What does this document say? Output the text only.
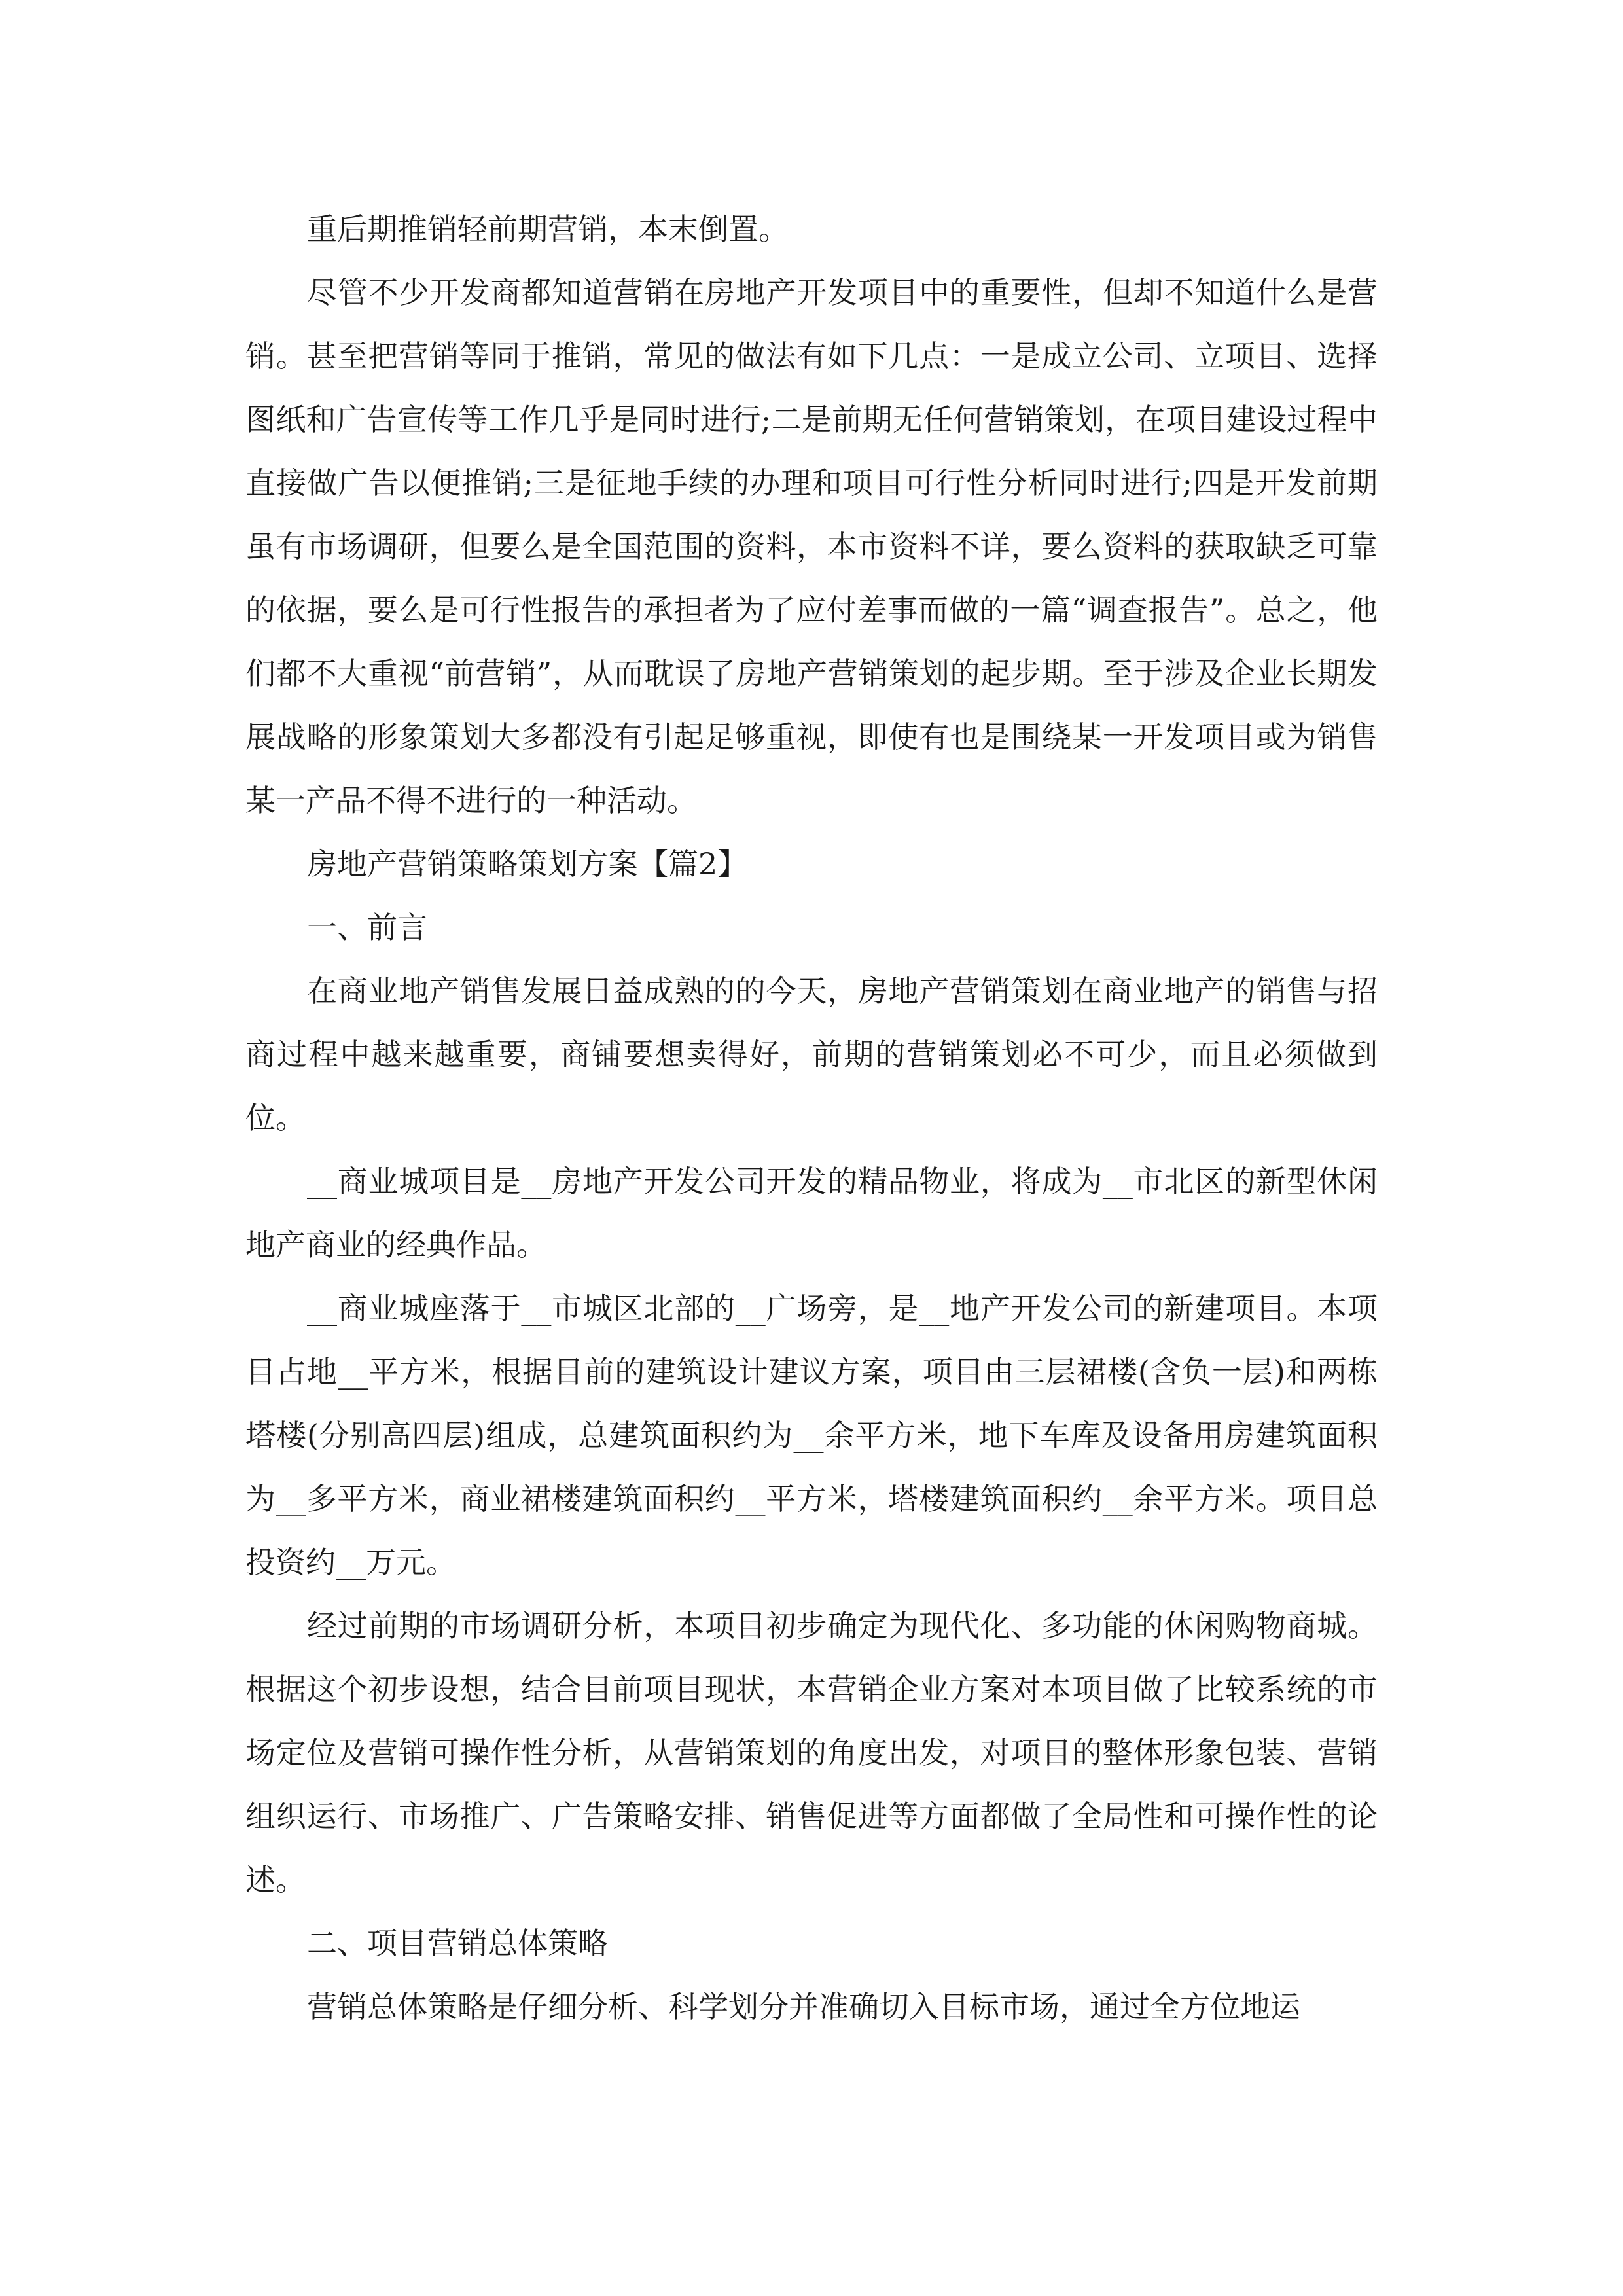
重后期推销轻前期营销，本末倒置。

尽管不少开发商都知道营销在房地产开发项目中的重要性，但却不知道什么是营销。甚至把营销等同于推销，常见的做法有如下几点：一是成立公司、立项目、选择图纸和广告宣传等工作几乎是同时进行;二是前期无任何营销策划，在项目建设过程中直接做广告以便推销;三是征地手续的办理和项目可行性分析同时进行;四是开发前期虽有市场调研，但要么是全国范围的资料，本市资料不详，要么资料的获取缺乏可靠的依据，要么是可行性报告的承担者为了应付差事而做的一篇“调查报告”。总之，他们都不大重视“前营销”，从而耽误了房地产营销策划的起步期。至于涉及企业长期发展战略的形象策划大多都没有引起足够重视，即使有也是围绕某一开发项目或为销售某一产品不得不进行的一种活动。

房地产营销策略策划方案【篇2】

一、前言

在商业地产销售发展日益成熟的的今天，房地产营销策划在商业地产的销售与招商过程中越来越重要，商铺要想卖得好，前期的营销策划必不可少，而且必须做到位。

__商业城项目是__房地产开发公司开发的精品物业，将成为__市北区的新型休闲地产商业的经典作品。

__商业城座落于__市城区北部的__广场旁，是__地产开发公司的新建项目。本项目占地__平方米，根据目前的建筑设计建议方案，项目由三层裙楼(含负一层)和两栋塔楼(分别高四层)组成，总建筑面积约为__余平方米，地下车库及设备用房建筑面积为__多平方米，商业裙楼建筑面积约__平方米，塔楼建筑面积约__余平方米。项目总投资约__万元。

经过前期的市场调研分析，本项目初步确定为现代化、多功能的休闲购物商城。根据这个初步设想，结合目前项目现状，本营销企业方案对本项目做了比较系统的市场定位及营销可操作性分析，从营销策划的角度出发，对项目的整体形象包装、营销组织运行、市场推广、广告策略安排、销售促进等方面都做了全局性和可操作性的论述。

二、项目营销总体策略

营销总体策略是仔细分析、科学划分并准确切入目标市场，通过全方位地运
